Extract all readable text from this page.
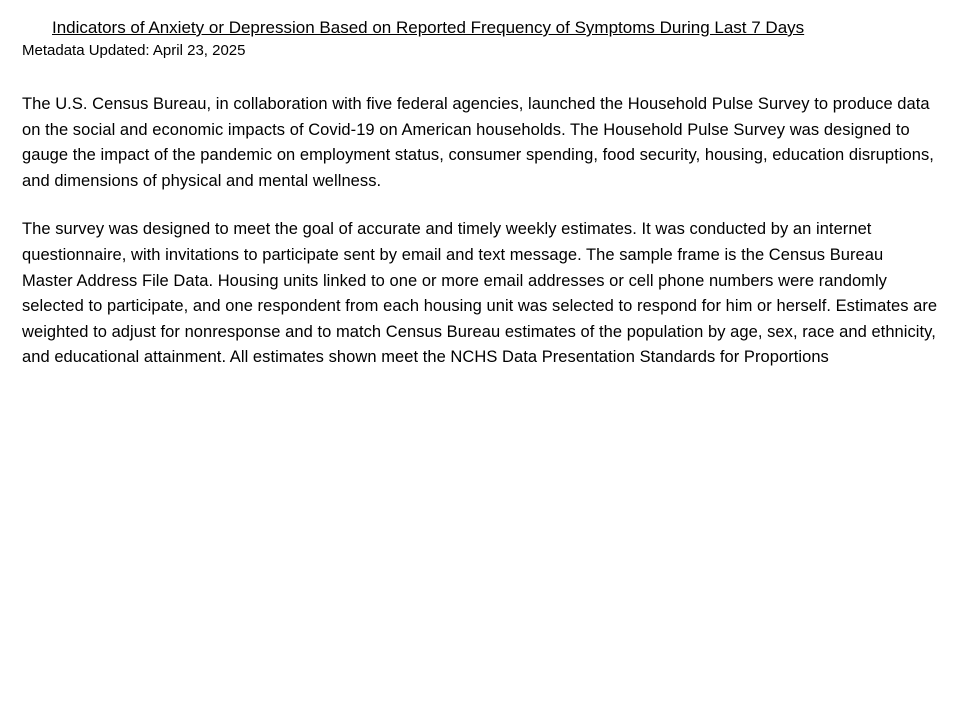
Indicators of Anxiety or Depression Based on Reported Frequency of Symptoms During Last 7 Days
Metadata Updated: April 23, 2025

The U.S. Census Bureau, in collaboration with five federal agencies, launched the Household Pulse Survey to produce data on the social and economic impacts of Covid-19 on American households. The Household Pulse Survey was designed to gauge the impact of the pandemic on employment status, consumer spending, food security, housing, education disruptions, and dimensions of physical and mental wellness.

The survey was designed to meet the goal of accurate and timely weekly estimates. It was conducted by an internet questionnaire, with invitations to participate sent by email and text message. The sample frame is the Census Bureau Master Address File Data. Housing units linked to one or more email addresses or cell phone numbers were randomly selected to participate, and one respondent from each housing unit was selected to respond for him or herself. Estimates are weighted to adjust for nonresponse and to match Census Bureau estimates of the population by age, sex, race and ethnicity, and educational attainment. All estimates shown meet the NCHS Data Presentation Standards for Proportions
